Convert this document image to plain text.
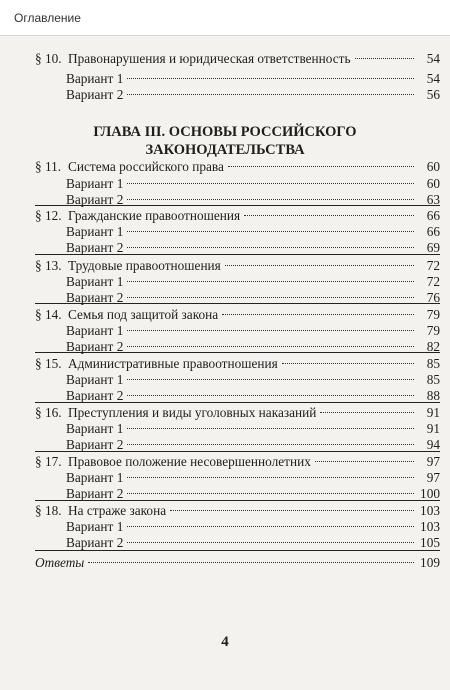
§ 10. Правонарушения и юридическая ответственность	54
Вариант 1	54
Вариант 2	56
ГЛАВА III. ОСНОВЫ РОССИЙСКОГО
ЗАКОНОДАТЕЛЬСТВА
§ 11. Система российского права	60
Вариант 1	60
Вариант 2	63
§ 12. Гражданские правоотношения	66
Вариант 1	66
Вариант 2	69
§ 13. Трудовые правоотношения	72
Вариант 1	72
Вариант 2	76
§ 14. Семья под защитой закона	79
Вариант 1	79
Вариант 2	82
§ 15. Административные правоотношения	85
Вариант 1	85
Вариант 2	88
§ 16. Преступления и виды уголовных наказаний	91
Вариант 1	91
Вариант 2	94
§ 17. Правовое положение несовершеннолетних	97
Вариант 1	97
Вариант 2	100
§ 18. На страже закона	103
Вариант 1	103
Вариант 2	105
Ответы	109
4
Оглавление
